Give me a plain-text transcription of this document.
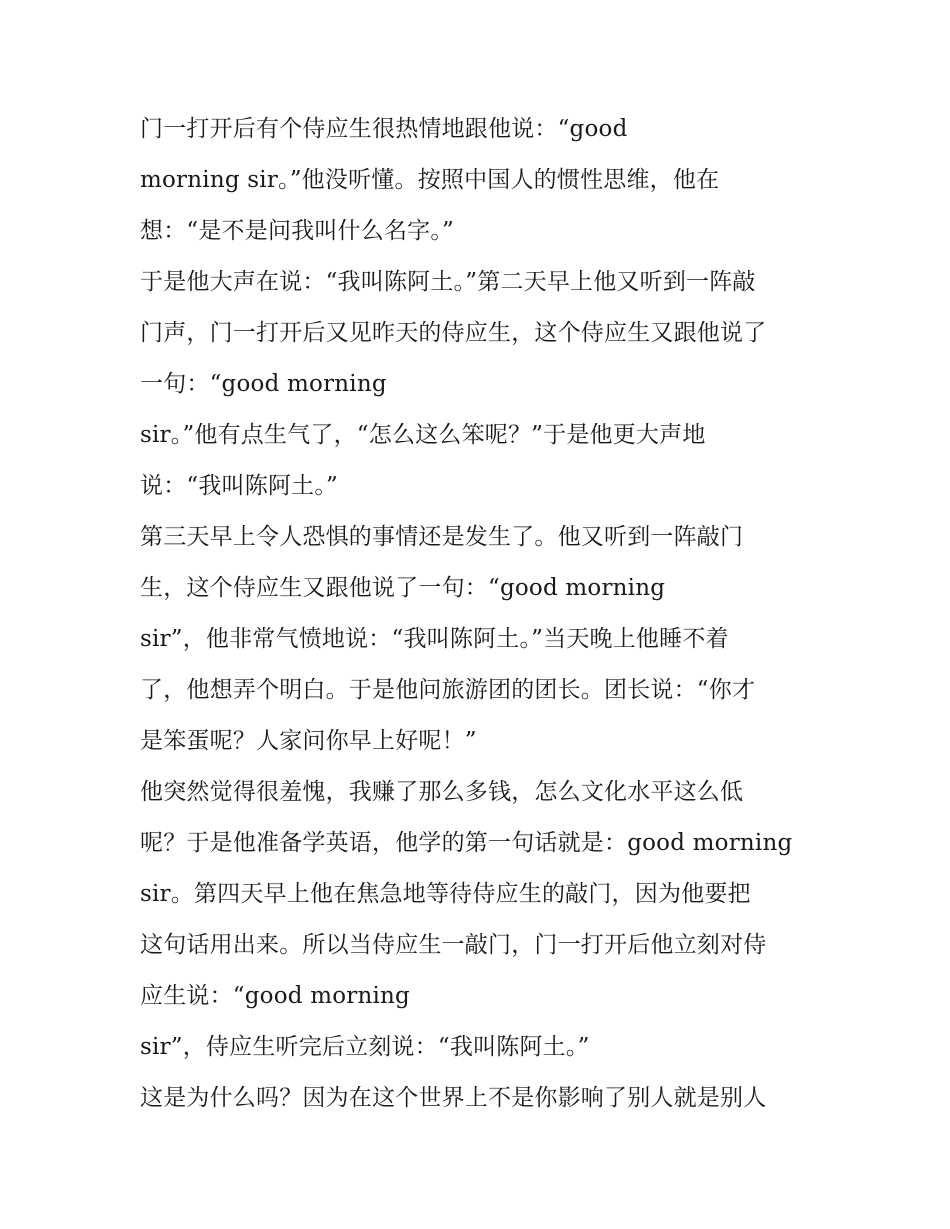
门一打开后有个侍应生很热情地跟他说：“good
morning sir。”他没听懂。按照中国人的惯性思维，他在
想：“是不是问我叫什么名字。”
于是他大声在说：“我叫陈阿土。”第二天早上他又听到一阵敲
门声，门一打开后又见昨天的侍应生，这个侍应生又跟他说了
一句：“good morning
sir。”他有点生气了，“怎么这么笨呢？”于是他更大声地
说：“我叫陈阿土。”
第三天早上令人恐惧的事情还是发生了。他又听到一阵敲门
生，这个侍应生又跟他说了一句：“good morning
sir”，他非常气愤地说：“我叫陈阿土。”当天晚上他睡不着
了，他想弄个明白。于是他问旅游团的团长。团长说：“你才
是笨蛋呢？人家问你早上好呢！”
他突然觉得很羞愧，我赚了那么多钱，怎么文化水平这么低
呢？于是他准备学英语，他学的第一句话就是：good morning
sir。第四天早上他在焦急地等待侍应生的敲门，因为他要把
这句话用出来。所以当侍应生一敲门，门一打开后他立刻对侍
应生说：“good morning
sir”，侍应生听完后立刻说：“我叫陈阿土。”
这是为什么吗？因为在这个世界上不是你影响了别人就是别人
